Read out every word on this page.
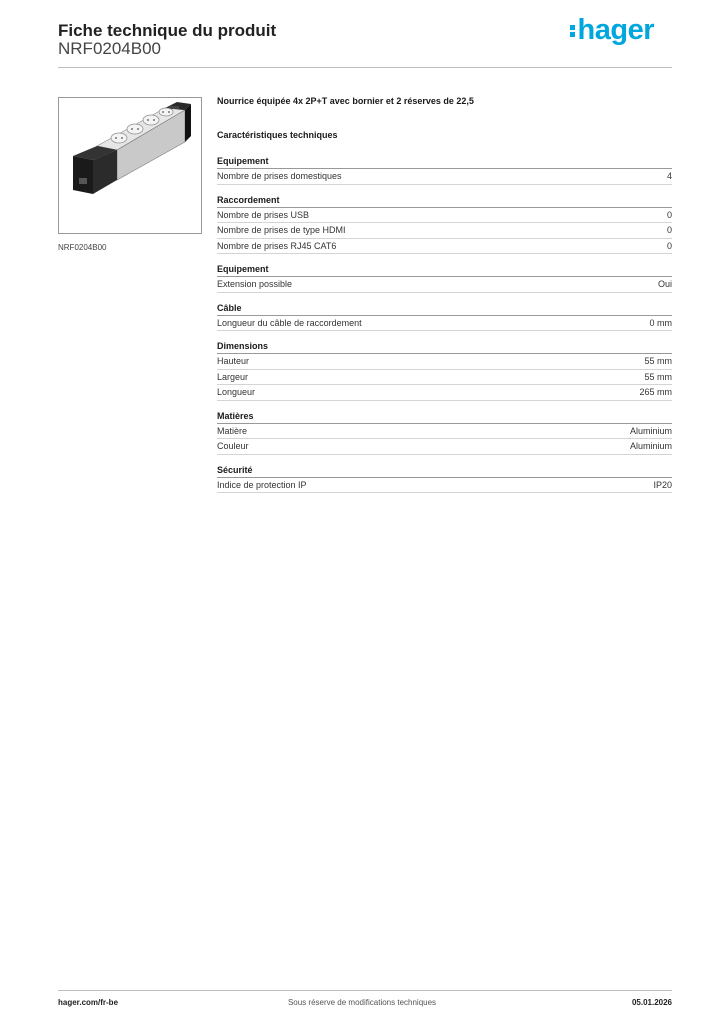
Fiche technique du produit
NRF0204B00
hager
NRF0204B00
Nourrice équipée 4x 2P+T avec bornier et 2 réserves de 22,5
Caractéristiques techniques
Equipement
Nombre de prises domestiques	4
Raccordement
Nombre de prises USB	0
Nombre de prises de type HDMI	0
Nombre de prises RJ45 CAT6	0
Equipement
Extension possible	Oui
Câble
Longueur du câble de raccordement	0 mm
Dimensions
Hauteur	55 mm
Largeur	55 mm
Longueur	265 mm
Matières
Matière	Aluminium
Couleur	Aluminium
Sécurité
Indice de protection IP	IP20
hager.com/fr-be	Sous réserve de modifications techniques	05.01.2026
